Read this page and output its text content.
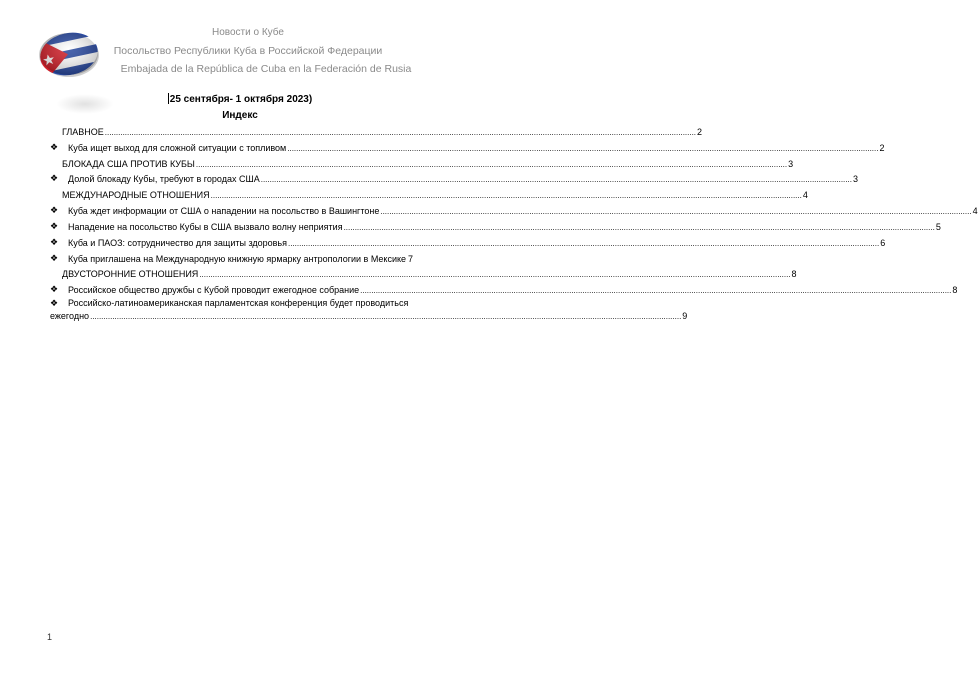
Новости о Кубе
Посольство Республики Куба в Российской Федерации
Embajada de la República de Cuba en la Federación de Rusia
25 сентября- 1 октября 2023)
Индекс
ГЛАВНОЕ .......................................................................................................................................................................................................................................................................... 2
❖ Куба ищет выход для сложной ситуации с топливом .......................................................................................................................................................................................................................................................................... 2
БЛОКАДА США ПРОТИВ КУБЫ .......................................................................................................................................................................................................................................................................... 3
❖ Долой блокаду Кубы, требуют в городах США .......................................................................................................................................................................................................................................................................... 3
МЕЖДУНАРОДНЫЕ ОТНОШЕНИЯ .......................................................................................................................................................................................................................................................................... 4
❖ Куба ждет информации от США о нападении на посольство в Вашингтоне .......................................................................................................................................................................................................................................................................... 4
❖ Нападение на посольство Кубы в США вызвало волну неприятия .......................................................................................................................................................................................................................................................................... 5
❖ Куба и ПАОЗ: сотрудничество для защиты здоровья .......................................................................................................................................................................................................................................................................... 6
❖ Куба приглашена на Международную книжную ярмарку антропологии в Мексике 7
ДВУСТОРОННИЕ ОТНОШЕНИЯ .......................................................................................................................................................................................................................................................................... 8
❖ Российское общество дружбы с Кубой проводит ежегодное собрание .......................................................................................................................................................................................................................................................................... 8
❖ Российско-латиноамериканская парламентская конференция будет проводиться
ежегодно .......................................................................................................................................................................................................................................................................... 9
1
